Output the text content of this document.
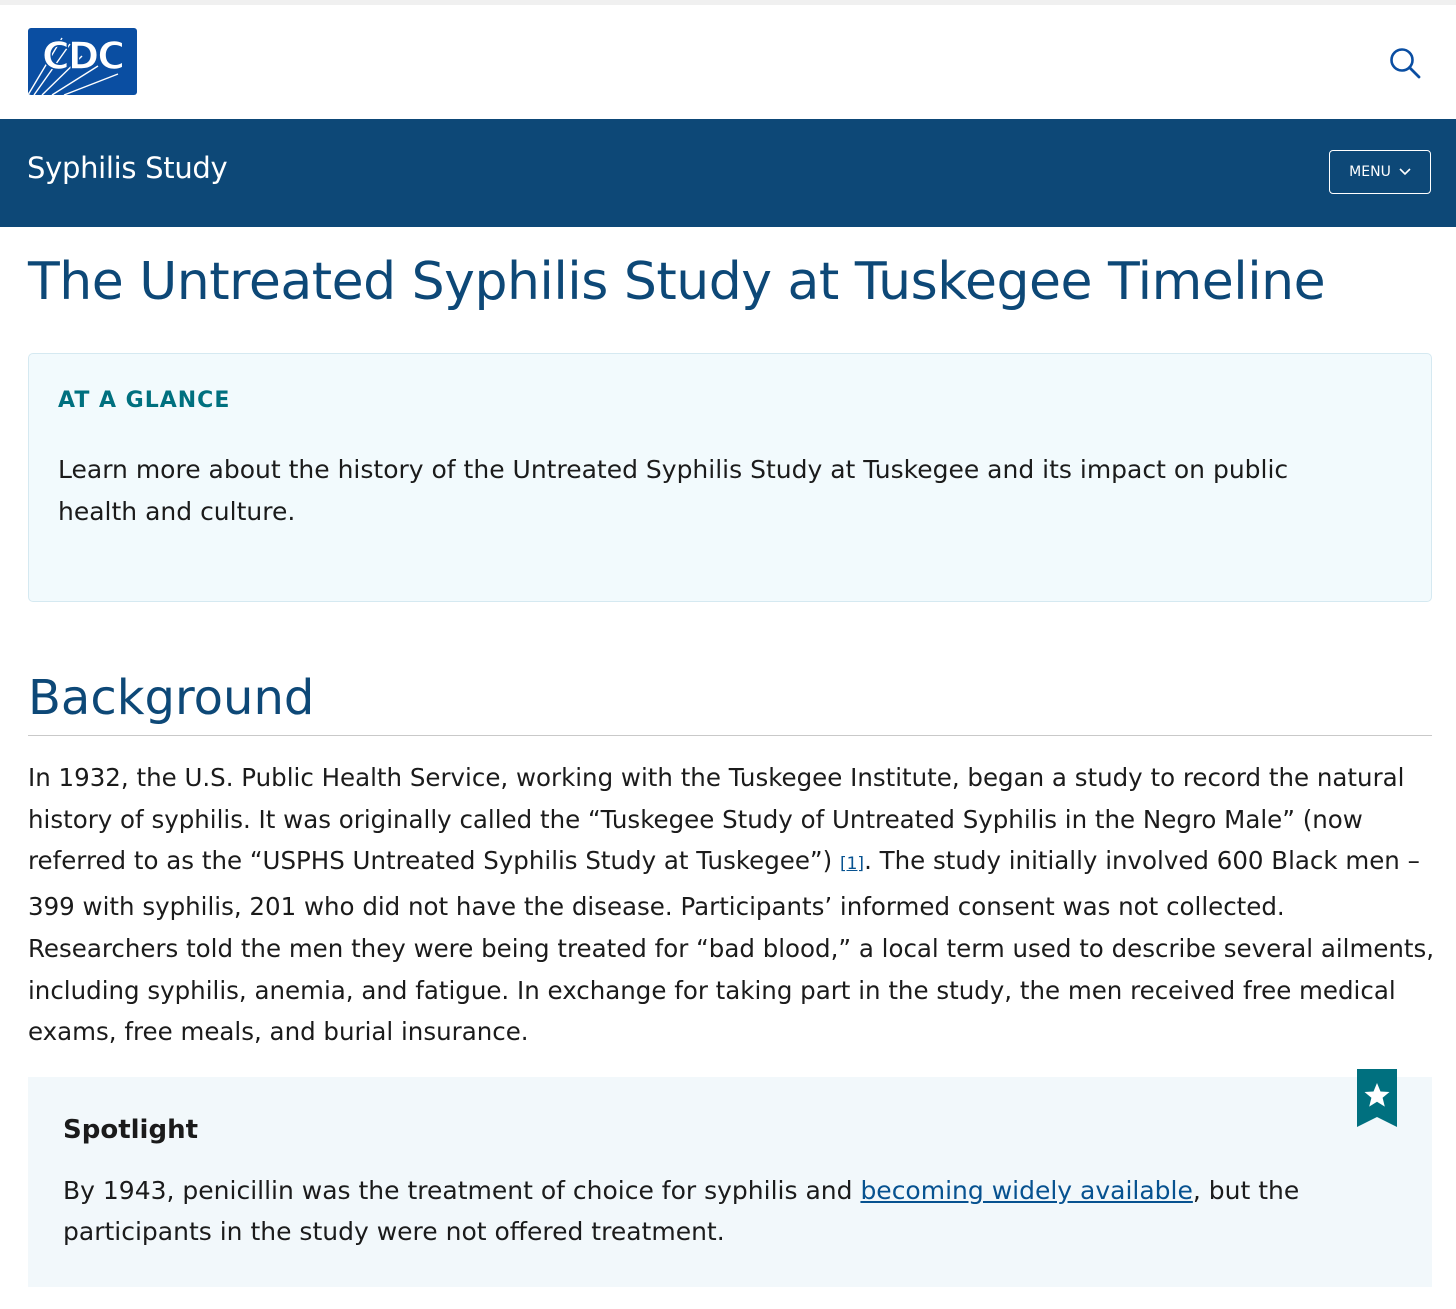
CDC
Syphilis Study	MENU
The Untreated Syphilis Study at Tuskegee Timeline
AT A GLANCE
Learn more about the history of the Untreated Syphilis Study at Tuskegee and its impact on public health and culture.
Background

In 1932, the U.S. Public Health Service, working with the Tuskegee Institute, began a study to record the natural history of syphilis. It was originally called the “Tuskegee Study of Untreated Syphilis in the Negro Male” (now referred to as the “USPHS Untreated Syphilis Study at Tuskegee”) [1]. The study initially involved 600 Black men – 399 with syphilis, 201 who did not have the disease. Participants’ informed consent was not collected. Researchers told the men they were being treated for “bad blood,” a local term used to describe several ailments, including syphilis, anemia, and fatigue. In exchange for taking part in the study, the men received free medical exams, free meals, and burial insurance.

Spotlight

By 1943, penicillin was the treatment of choice for syphilis and becoming widely available, but the participants in the study were not offered treatment.
